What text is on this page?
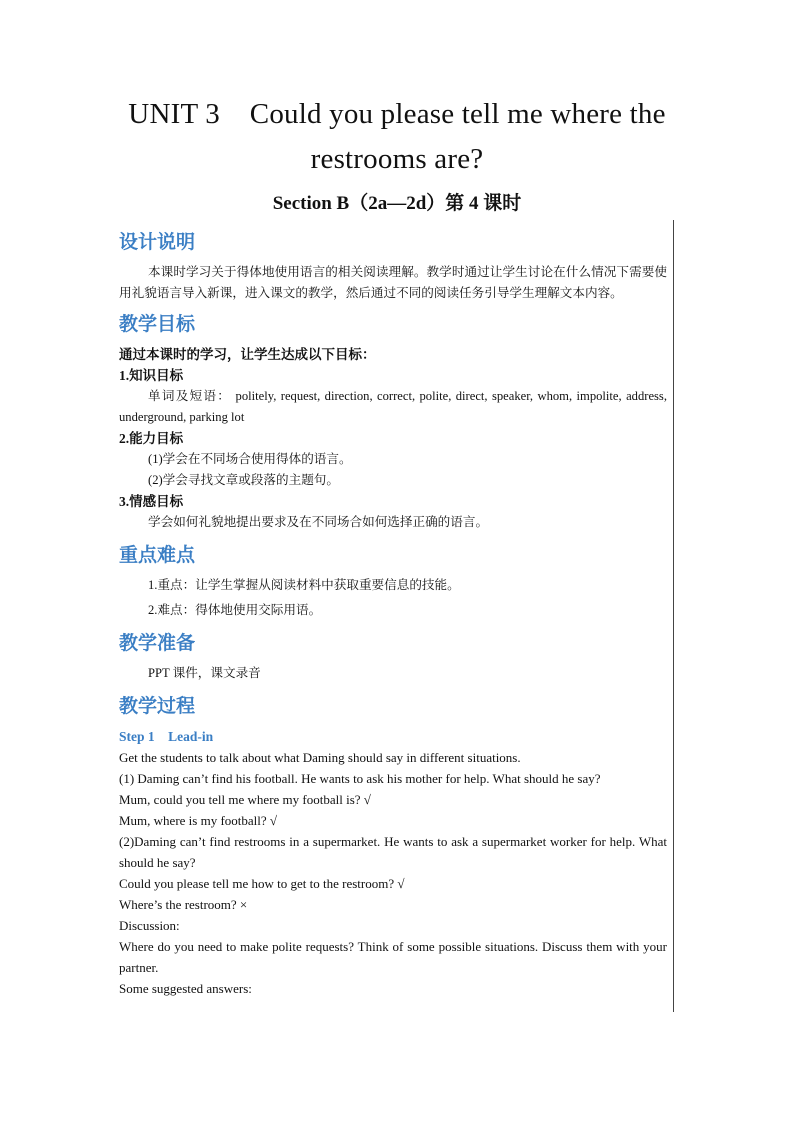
UNIT 3    Could you please tell me where the
restrooms are?
Section B（2a—2d）第 4 课时
设计说明
本课时学习关于得体地使用语言的相关阅读理解。教学时通过让学生讨论在什么情况下需要使用礼貌语言导入新课，进入课文的教学，然后通过不同的阅读任务引导学生理解文本内容。
教学目标
通过本课时的学习，让学生达成以下目标：
1.知识目标
单词及短语： politely, request, direction, correct, polite, direct, speaker, whom, impolite, address, underground, parking lot
2.能力目标
(1)学会在不同场合使用得体的语言。
(2)学会寻找文章或段落的主题句。
3.情感目标
学会如何礼貌地提出要求及在不同场合如何选择正确的语言。
重点难点
1.重点：让学生掌握从阅读材料中获取重要信息的技能。
2.难点：得体地使用交际用语。
教学准备
PPT 课件，课文录音
教学过程
Step 1    Lead-in
Get the students to talk about what Daming should say in different situations.
(1) Daming can’t find his football. He wants to ask his mother for help. What should he say?
Mum, could you tell me where my football is? √
Mum, where is my football? √
(2)Daming can’t find restrooms in a supermarket. He wants to ask a supermarket worker for help. What should he say?
Could you please tell me how to get to the restroom? √
Where’s the restroom? ×
Discussion:
Where do you need to make polite requests? Think of some possible situations. Discuss them with your partner.
Some suggested answers:
